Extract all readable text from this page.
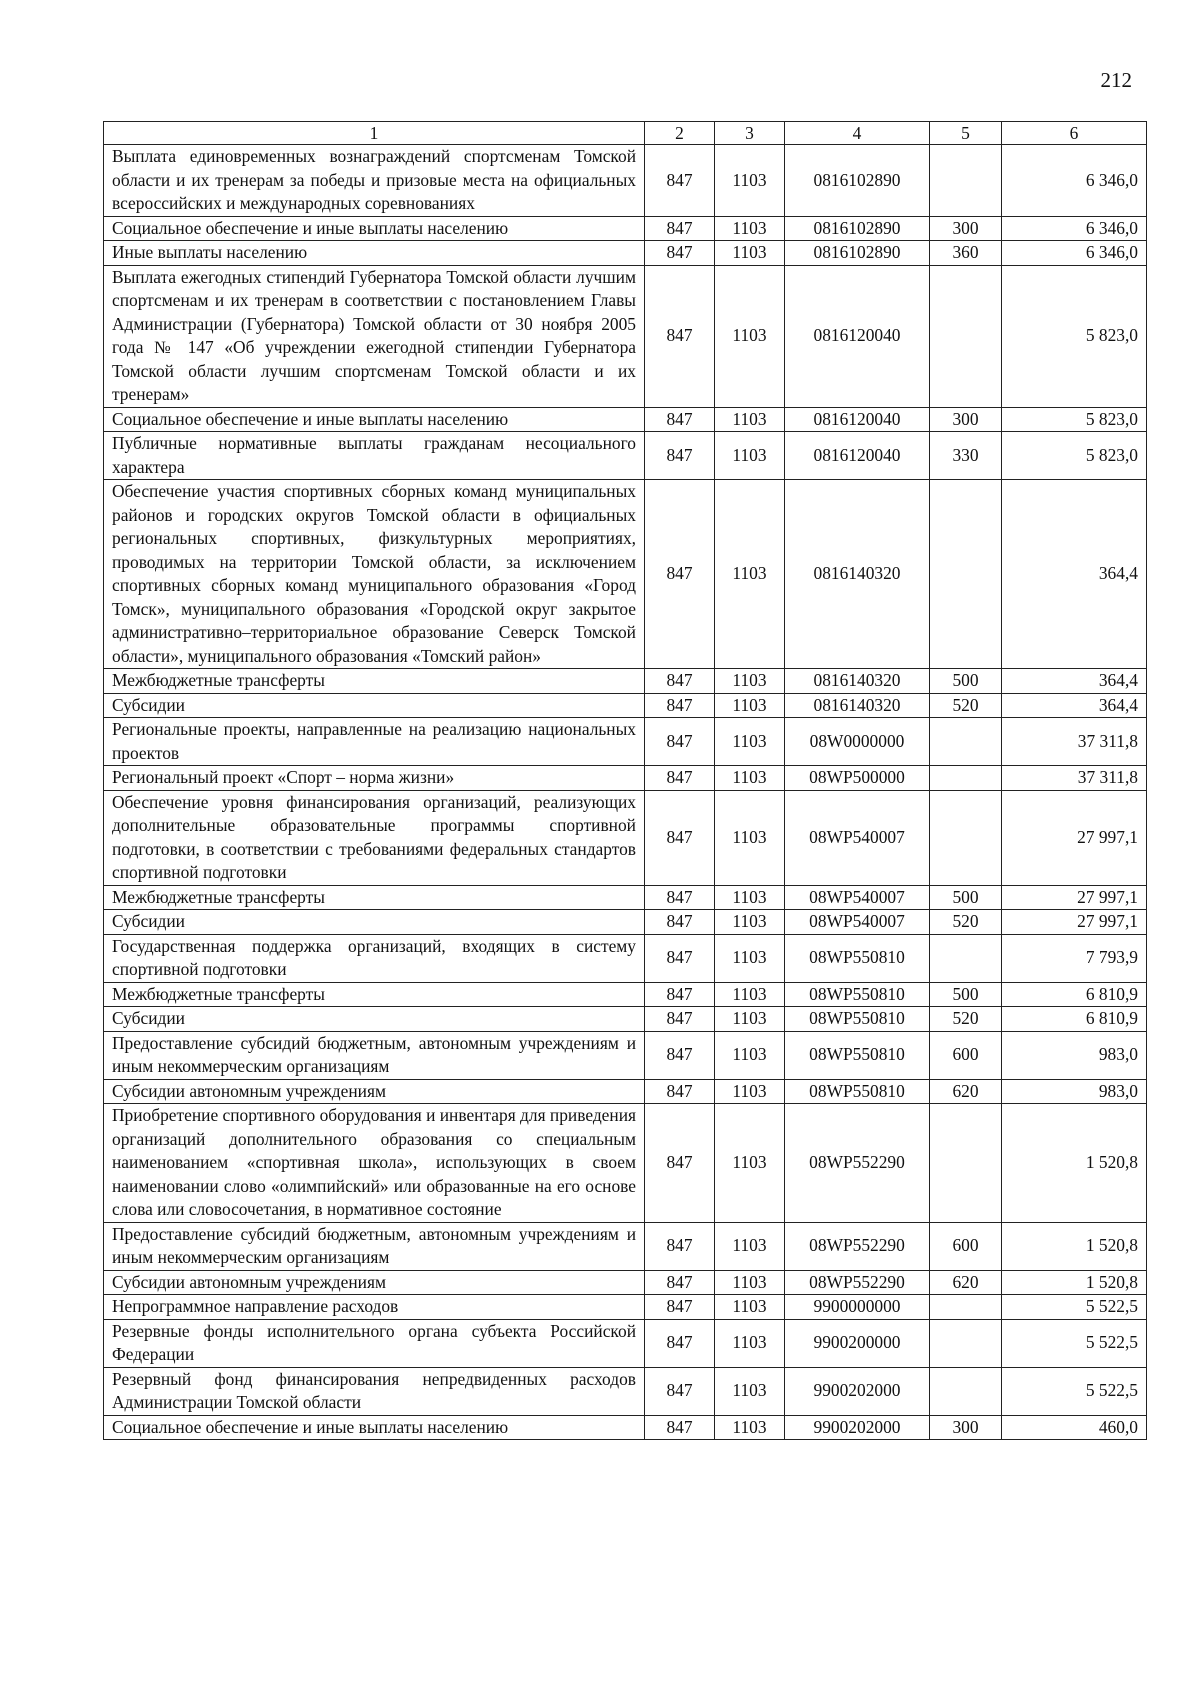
212
1	2	3	4	5	6
Выплата единовременных вознаграждений спортсменам Томской области и их тренерам за победы и призовые места на официальных всероссийских и международных соревнованиях	847	1103	0816102890		6 346,0
Социальное обеспечение и иные выплаты населению	847	1103	0816102890	300	6 346,0
Иные выплаты населению	847	1103	0816102890	360	6 346,0
Выплата ежегодных стипендий Губернатора Томской области лучшим спортсменам и их тренерам в соответствии с постановлением Главы Администрации (Губернатора) Томской области от 30 ноября 2005 года № 147 «Об учреждении ежегодной стипендии Губернатора Томской области лучшим спортсменам Томской области и их тренерам»	847	1103	0816120040		5 823,0
Социальное обеспечение и иные выплаты населению	847	1103	0816120040	300	5 823,0
Публичные нормативные выплаты гражданам несоциального характера	847	1103	0816120040	330	5 823,0
Обеспечение участия спортивных сборных команд муниципальных районов и городских округов Томской области в официальных региональных спортивных, физкультурных мероприятиях, проводимых на территории Томской области, за исключением спортивных сборных команд муниципального образования «Город Томск», муниципального образования «Городской округ закрытое административно–территориальное образование Северск Томской области», муниципального образования «Томский район»	847	1103	0816140320		364,4
Межбюджетные трансферты	847	1103	0816140320	500	364,4
Субсидии	847	1103	0816140320	520	364,4
Региональные проекты, направленные на реализацию национальных проектов	847	1103	08W0000000		37 311,8
Региональный проект «Спорт – норма жизни»	847	1103	08WP500000		37 311,8
Обеспечение уровня финансирования организаций, реализующих дополнительные образовательные программы спортивной подготовки, в соответствии с требованиями федеральных стандартов спортивной подготовки	847	1103	08WP540007		27 997,1
Межбюджетные трансферты	847	1103	08WP540007	500	27 997,1
Субсидии	847	1103	08WP540007	520	27 997,1
Государственная поддержка организаций, входящих в систему спортивной подготовки	847	1103	08WP550810		7 793,9
Межбюджетные трансферты	847	1103	08WP550810	500	6 810,9
Субсидии	847	1103	08WP550810	520	6 810,9
Предоставление субсидий бюджетным, автономным учреждениям и иным некоммерческим организациям	847	1103	08WP550810	600	983,0
Субсидии автономным учреждениям	847	1103	08WP550810	620	983,0
Приобретение спортивного оборудования и инвентаря для приведения организаций дополнительного образования со специальным наименованием «спортивная школа», использующих в своем наименовании слово «олимпийский» или образованные на его основе слова или словосочетания, в нормативное состояние	847	1103	08WP552290		1 520,8
Предоставление субсидий бюджетным, автономным учреждениям и иным некоммерческим организациям	847	1103	08WP552290	600	1 520,8
Субсидии автономным учреждениям	847	1103	08WP552290	620	1 520,8
Непрограммное направление расходов	847	1103	9900000000		5 522,5
Резервные фонды исполнительного органа субъекта Российской Федерации	847	1103	9900200000		5 522,5
Резервный фонд финансирования непредвиденных расходов Администрации Томской области	847	1103	9900202000		5 522,5
Социальное обеспечение и иные выплаты населению	847	1103	9900202000	300	460,0
